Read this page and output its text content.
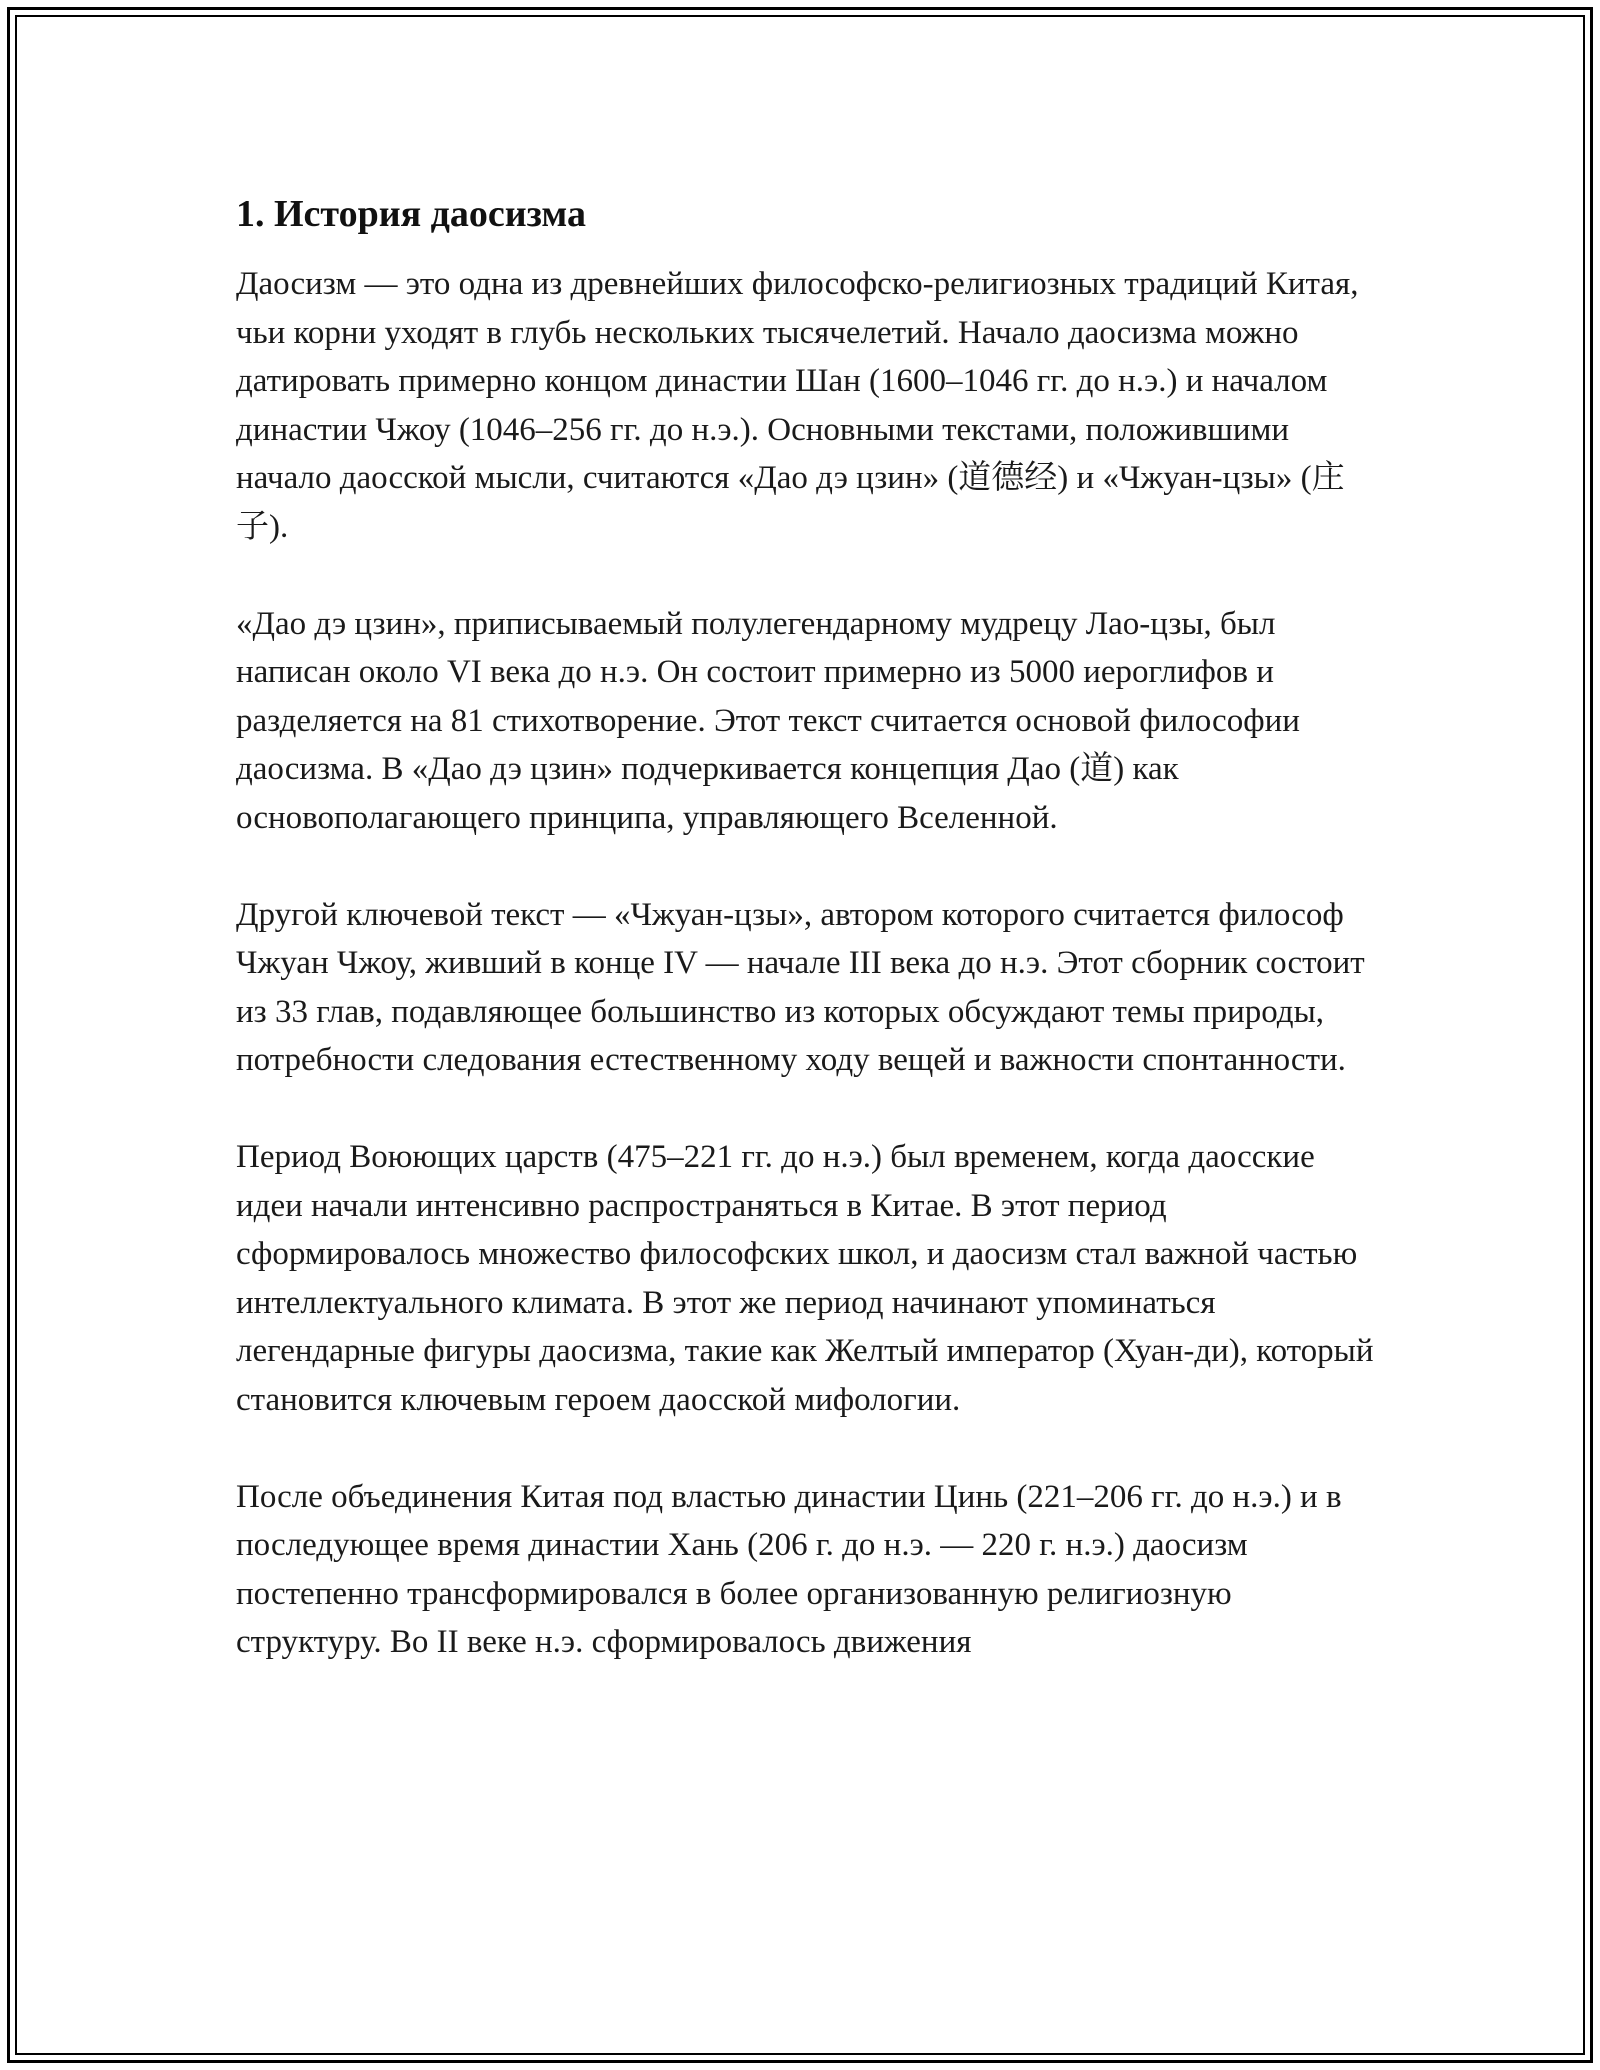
1. История даосизма

Даосизм — это одна из древнейших философско-религиозных традиций Китая, чьи корни уходят в глубь нескольких тысячелетий. Начало даосизма можно датировать примерно концом династии Шан (1600–1046 гг. до н.э.) и началом династии Чжоу (1046–256 гг. до н.э.). Основными текстами, положившими начало даосской мысли, считаются «Дао дэ цзин» (道德经) и «Чжуан-цзы» (庄子).

«Дао дэ цзин», приписываемый полулегендарному мудрецу Лао-цзы, был написан около VI века до н.э. Он состоит примерно из 5000 иероглифов и разделяется на 81 стихотворение. Этот текст считается основой философии даосизма. В «Дао дэ цзин» подчеркивается концепция Дао (道) как основополагающего принципа, управляющего Вселенной.

Другой ключевой текст — «Чжуан-цзы», автором которого считается философ Чжуан Чжоу, живший в конце IV — начале III века до н.э. Этот сборник состоит из 33 глав, подавляющее большинство из которых обсуждают темы природы, потребности следования естественному ходу вещей и важности спонтанности.

Период Воюющих царств (475–221 гг. до н.э.) был временем, когда даосские идеи начали интенсивно распространяться в Китае. В этот период сформировалось множество философских школ, и даосизм стал важной частью интеллектуального климата. В этот же период начинают упоминаться легендарные фигуры даосизма, такие как Желтый император (Хуан-ди), который становится ключевым героем даосской мифологии.

После объединения Китая под властью династии Цинь (221–206 гг. до н.э.) и в последующее время династии Хань (206 г. до н.э. — 220 г. н.э.) даосизм постепенно трансформировался в более организованную религиозную структуру. Во II веке н.э. сформировалось движения
